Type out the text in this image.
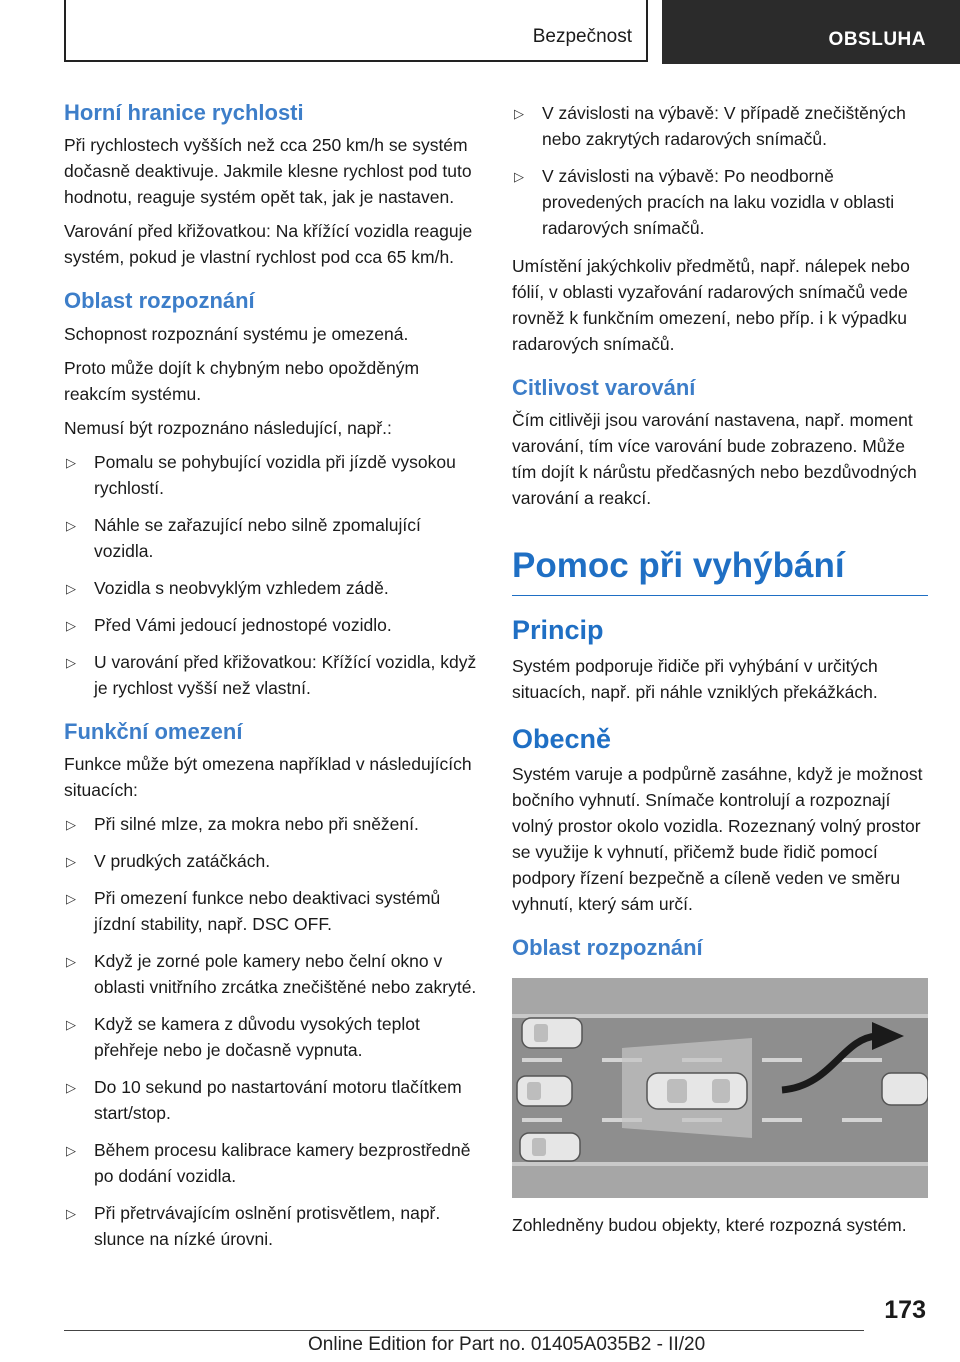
Bezpečnost	OBSLUHA
Horní hranice rychlosti

Při rychlostech vyšších než cca 250 km/h se systém dočasně deaktivuje. Jakmile klesne rychlost pod tuto hodnotu, reaguje systém opět tak, jak je nastaven.

Varování před křižovatkou: Na křížící vozidla reaguje systém, pokud je vlastní rychlost pod cca 65 km/h.

Oblast rozpoznání

Schopnost rozpoznání systému je omezená.

Proto může dojít k chybným nebo opožděným reakcím systému.

Nemusí být rozpoznáno následující, např.:

▷ Pomalu se pohybující vozidla při jízdě vysokou rychlostí.
▷ Náhle se zařazující nebo silně zpomalující vozidla.
▷ Vozidla s neobvyklým vzhledem zádě.
▷ Před Vámi jedoucí jednostopé vozidlo.
▷ U varování před křižovatkou: Křížící vozidla, když je rychlost vyšší než vlastní.
Funkční omezení

Funkce může být omezena například v následujících situacích:

▷ Při silné mlze, za mokra nebo při sněžení.
▷ V prudkých zatáčkách.
▷ Při omezení funkce nebo deaktivaci systémů jízdní stability, např. DSC OFF.
▷ Když je zorné pole kamery nebo čelní okno v oblasti vnitřního zrcátka znečištěné nebo zakryté.
▷ Když se kamera z důvodu vysokých teplot přehřeje nebo je dočasně vypnuta.
▷ Do 10 sekund po nastartování motoru tlačítkem start/stop.
▷ Během procesu kalibrace kamery bezprostředně po dodání vozidla.
▷ Při přetrvávajícím oslnění protisvětlem, např. slunce na nízké úrovni.
▷ V závislosti na výbavě: V případě znečištěných nebo zakrytých radarových snímačů.
▷ V závislosti na výbavě: Po neodborně provedených pracích na laku vozidla v oblasti radarových snímačů.

Umístění jakýchkoliv předmětů, např. nálepek nebo fólií, v oblasti vyzařování radarových snímačů vede rovněž k funkčním omezení, nebo příp. i k výpadku radarových snímačů.

Citlivost varování

Čím citlivěji jsou varování nastavena, např. moment varování, tím více varování bude zobrazeno. Může tím dojít k nárůstu předčasných nebo bezdůvodných varování a reakcí.

Pomoc při vyhýbání
Princip

Systém podporuje řidiče při vyhýbání v určitých situacích, např. při náhle vzniklých překážkách.

Obecně

Systém varuje a podpůrně zasáhne, když je možnost bočního vyhnutí. Snímače kontrolují a rozpoznají volný prostor okolo vozidla. Rozeznaný volný prostor se využije k vyhnutí, přičemž bude řidič pomocí podpory řízení bezpečně a cíleně veden ve směru vyhnutí, který sám určí.

Oblast rozpoznání

Zohledněny budou objekty, které rozpozná systém.

173
Online Edition for Part no. 01405A035B2 - II/20
